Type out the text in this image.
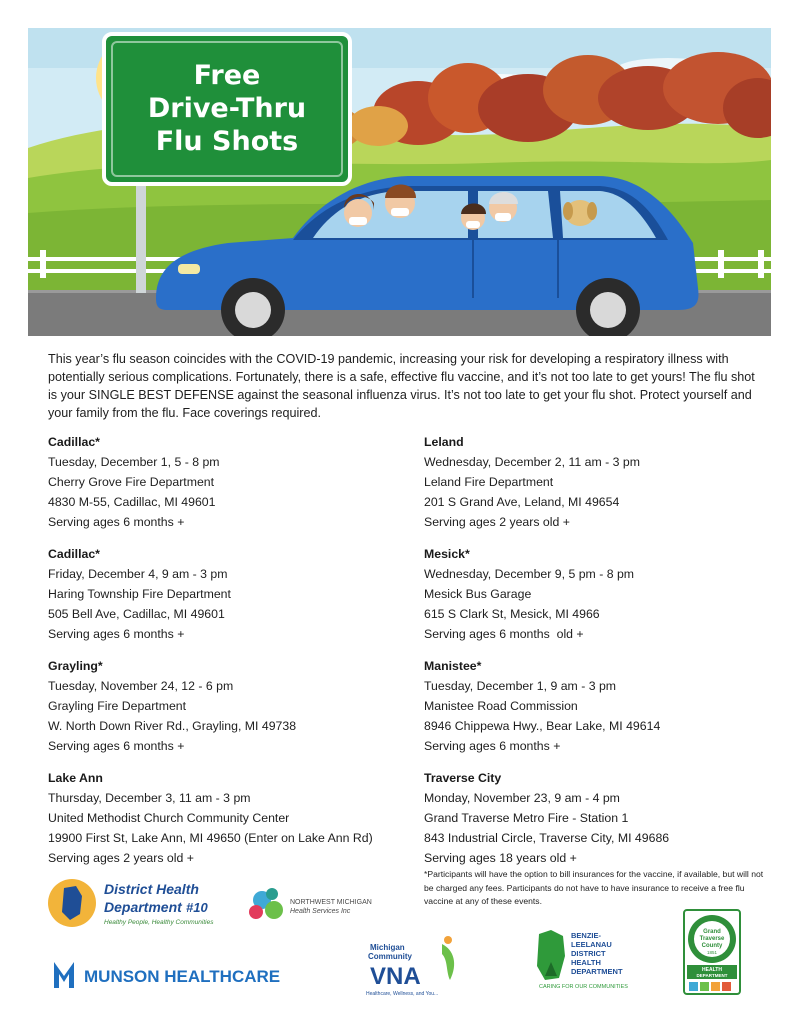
Free
Drive-Thru
Flu Shots

This year’s flu season coincides with the COVID-19 pandemic, increasing your risk for developing a respiratory illness with potentially serious complications. Fortunately, there is a safe, effective flu vaccine, and it’s not too late to get yours! The flu shot is your SINGLE BEST DEFENSE against the seasonal influenza virus. It’s not too late to get your flu shot. Protect yourself and your family from the flu. Face coverings required.

Cadillac*
Tuesday, December 1, 5 - 8 pm
Cherry Grove Fire Department
4830 M-55, Cadillac, MI 49601
Serving ages 6 months +
Cadillac*
Friday, December 4, 9 am - 3 pm
Haring Township Fire Department
505 Bell Ave, Cadillac, MI 49601
Serving ages 6 months +
Grayling*
Tuesday, November 24, 12 - 6 pm
Grayling Fire Department
W. North Down River Rd., Grayling, MI 49738
Serving ages 6 months +
Lake Ann
Thursday, December 3, 11 am - 3 pm
United Methodist Church Community Center
19900 First St, Lake Ann, MI 49650 (Enter on Lake Ann Rd)
Serving ages 2 years old +
Leland
Wednesday, December 2, 11 am - 3 pm
Leland Fire Department
201 S Grand Ave, Leland, MI 49654
Serving ages 2 years old +
Mesick*
Wednesday, December 9, 5 pm - 8 pm
Mesick Bus Garage
615 S Clark St, Mesick, MI 4966
Serving ages 6 months  old +
Manistee*
Tuesday, December 1, 9 am - 3 pm
Manistee Road Commission
8946 Chippewa Hwy., Bear Lake, MI 49614
Serving ages 6 months +
Traverse City
Monday, November 23, 9 am - 4 pm
Grand Traverse Metro Fire - Station 1
843 Industrial Circle, Traverse City, MI 49686
Serving ages 18 years old +

*Participants will have the option to bill insurances for the vaccine, if available, but will not be charged any fees. Participants do not have to have insurance to receive a free flu vaccine at any of these events.

District Health
Department #10
Healthy People, Healthy Communities
NORTHWEST MICHIGAN
Health Services Inc
MUNSON HEALTHCARE
Michigan
Community
VNA
Healthcare, Wellness, and You...
BENZIE-
LEELANAU
DISTRICT
HEALTH
DEPARTMENT
CARING FOR OUR COMMUNITIES
Grand
Traverse
County
1851
HEALTH
DEPARTMENT
